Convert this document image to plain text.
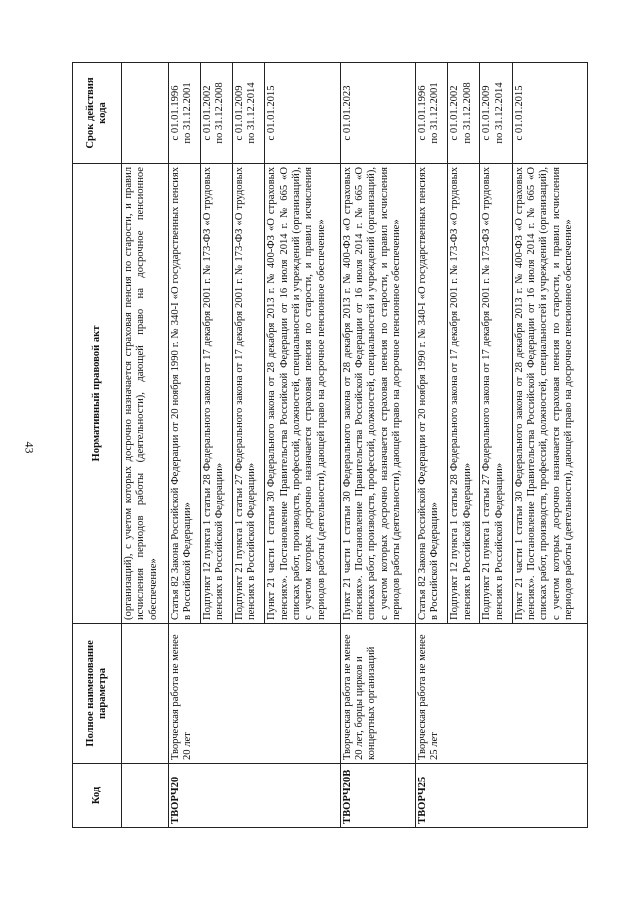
43
Код	Полное наименование параметра	Нормативный правовой акт	Срок действия кода
		(организаций), с учетом которых досрочно назначается страховая пенсия по старости, и правил исчисления периодов работы (деятельности), дающей право на досрочное пенсионное обеспечение»	
ТВОРЧ20	Творческая работа не менее 20 лет	Статья 82 Закона Российской Федерации от 20 ноября 1990 г. № 340-I «О государственных пенсиях в Российской Федерации»	с 01.01.1996
по 31.12.2001
		Подпункт 12 пункта 1 статьи 28 Федерального закона от 17 декабря 2001 г. № 173-ФЗ «О трудовых пенсиях в Российской Федерации»	с 01.01.2002
по 31.12.2008
		Подпункт 21 пункта 1 статьи 27 Федерального закона от 17 декабря 2001 г. № 173-ФЗ «О трудовых пенсиях в Российской Федерации»	с 01.01.2009
по 31.12.2014
		Пункт 21 части 1 статьи 30 Федерального закона от 28 декабря 2013 г. № 400-ФЗ «О страховых пенсиях». Постановление Правительства Российской Федерации от 16 июля 2014 г. № 665 «О списках работ, производств, профессий, должностей, специальностей и учреждений (организаций), с учетом которых досрочно назначается страховая пенсия по старости, и правил исчисления периодов работы (деятельности), дающей право на досрочное пенсионное обеспечение»	с 01.01.2015
ТВОРЧ20В	Творческая работа не менее 20 лет, борцы цирков и концертных организаций	Пункт 21 части 1 статьи 30 Федерального закона от 28 декабря 2013 г. № 400-ФЗ «О страховых пенсиях». Постановление Правительства Российской Федерации от 16 июля 2014 г. № 665 «О списках работ, производств, профессий, должностей, специальностей и учреждений (организаций), с учетом которых досрочно назначается страховая пенсия по старости, и правил исчисления периодов работы (деятельности), дающей право на досрочное пенсионное обеспечение»	с 01.01.2023
ТВОРЧ25	Творческая работа не менее 25 лет	Статья 82 Закона Российской Федерации от 20 ноября 1990 г. № 340-I «О государственных пенсиях в Российской Федерации»	с 01.01.1996
по 31.12.2001
		Подпункт 12 пункта 1 статьи 28 Федерального закона от 17 декабря 2001 г. № 173-ФЗ «О трудовых пенсиях в Российской Федерации»	с 01.01.2002
по 31.12.2008
		Подпункт 21 пункта 1 статьи 27 Федерального закона от 17 декабря 2001 г. № 173-ФЗ «О трудовых пенсиях в Российской Федерации»	с 01.01.2009
по 31.12.2014
		Пункт 21 части 1 статьи 30 Федерального закона от 28 декабря 2013 г. № 400-ФЗ «О страховых пенсиях». Постановление Правительства Российской Федерации от 16 июля 2014 г. № 665 «О списках работ, производств, профессий, должностей, специальностей и учреждений (организаций), с учетом которых досрочно назначается страховая пенсия по старости, и правил исчисления периодов работы (деятельности), дающей право на досрочное пенсионное обеспечение»	с 01.01.2015
